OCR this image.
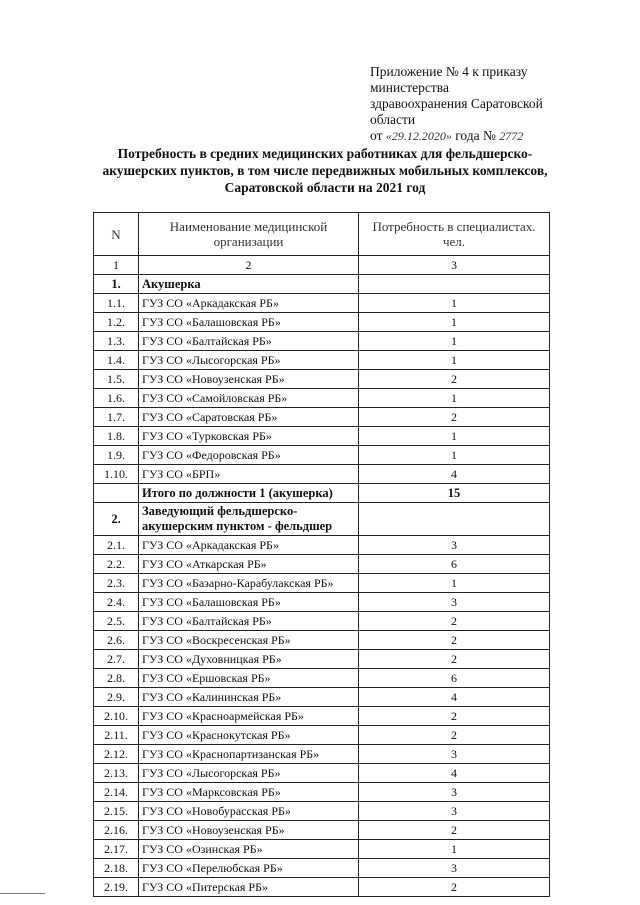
Приложение № 4 к приказу
министерства
здравоохранения Саратовской
области
от «29.12.2020» года № 2772
Потребность в средних медицинских работниках для фельдшерско-
акушерских пунктов, в том числе передвижных мобильных комплексов,
Саратовской области на 2021 год
N	Наименование медицинской организации	Потребность в специалистах. чел.
1	2	3
1.	Акушерка	
1.1.	ГУЗ СО «Аркадакская РБ»	1
1.2.	ГУЗ СО «Балашовская РБ»	1
1.3.	ГУЗ СО «Балтайская РБ»	1
1.4.	ГУЗ СО «Лысогорская РБ»	1
1.5.	ГУЗ СО «Новоузенская РБ»	2
1.6.	ГУЗ СО «Самойловская РБ»	1
1.7.	ГУЗ СО «Саратовская РБ»	2
1.8.	ГУЗ СО «Турковская РБ»	1
1.9.	ГУЗ СО «Федоровская РБ»	1
1.10.	ГУЗ СО «БРП»	4
	Итого по должности 1 (акушерка)	15
2.	Заведующий фельдшерско-акушерским пунктом - фельдшер	
2.1.	ГУЗ СО «Аркадакская РБ»	3
2.2.	ГУЗ СО «Аткарская РБ»	6
2.3.	ГУЗ СО «Базарно-Карабулакская РБ»	1
2.4.	ГУЗ СО «Балашовская РБ»	3
2.5.	ГУЗ СО «Балтайская РБ»	2
2.6.	ГУЗ СО «Воскресенская РБ»	2
2.7.	ГУЗ СО «Духовницкая РБ»	2
2.8.	ГУЗ СО «Ершовская РБ»	6
2.9.	ГУЗ СО «Калининская РБ»	4
2.10.	ГУЗ СО «Красноармейская РБ»	2
2.11.	ГУЗ СО «Краснокутская РБ»	2
2.12.	ГУЗ СО «Краснопартизанская РБ»	3
2.13.	ГУЗ СО «Лысогорская РБ»	4
2.14.	ГУЗ СО «Марксовская РБ»	3
2.15.	ГУЗ СО «Новобурасская РБ»	3
2.16.	ГУЗ СО «Новоузенская РБ»	2
2.17.	ГУЗ СО «Озинская РБ»	1
2.18.	ГУЗ СО «Перелюбская РБ»	3
2.19.	ГУЗ СО «Питерская РБ»	2
